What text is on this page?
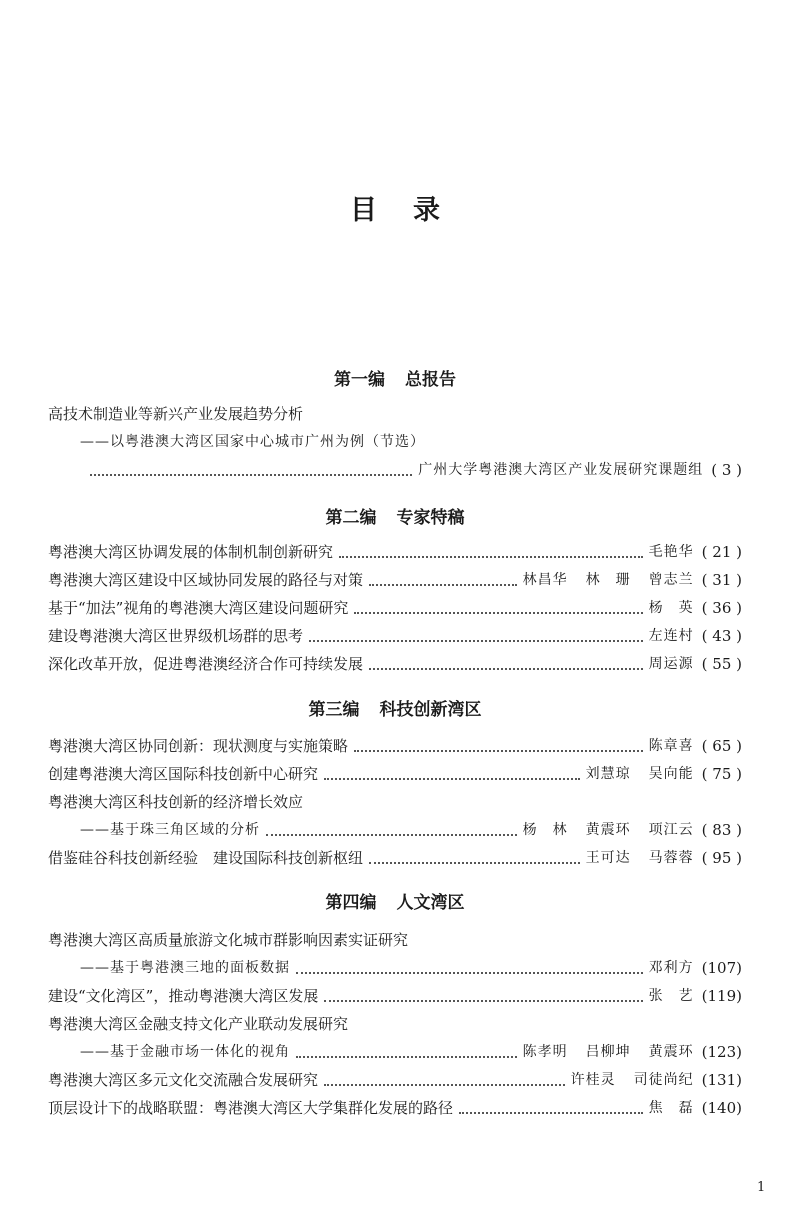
目 录
第一编 总报告
高技术制造业等新兴产业发展趋势分析
——以粤港澳大湾区国家中心城市广州为例（节选）
广州大学粤港澳大湾区产业发展研究课题组 ( 3 )
第二编 专家特稿
粤港澳大湾区协调发展的体制机制创新研究	毛艳华 ( 21 )
粤港澳大湾区建设中区域协同发展的路径与对策	林昌华 林　珊 曾志兰 ( 31 )
基于“加法”视角的粤港澳大湾区建设问题研究	杨　英 ( 36 )
建设粤港澳大湾区世界级机场群的思考	左连村 ( 43 )
深化改革开放，促进粤港澳经济合作可持续发展	周运源 ( 55 )
第三编 科技创新湾区
粤港澳大湾区协同创新：现状测度与实施策略	陈章喜 ( 65 )
创建粤港澳大湾区国际科技创新中心研究	刘慧琼 吴向能 ( 75 )
粤港澳大湾区科技创新的经济增长效应
——基于珠三角区域的分析	杨　林 黄震环 项江云 ( 83 )
借鉴硅谷科技创新经验　建设国际科技创新枢纽	王可达 马蓉蓉 ( 95 )
第四编 人文湾区
粤港澳大湾区高质量旅游文化城市群影响因素实证研究
——基于粤港澳三地的面板数据	邓利方 (107)
建设“文化湾区”，推动粤港澳大湾区发展	张　艺 (119)
粤港澳大湾区金融支持文化产业联动发展研究
——基于金融市场一体化的视角	陈孝明 吕柳坤 黄震环 (123)
粤港澳大湾区多元文化交流融合发展研究	许桂灵 司徒尚纪 (131)
顶层设计下的战略联盟：粤港澳大湾区大学集群化发展的路径	焦　磊 (140)
1
